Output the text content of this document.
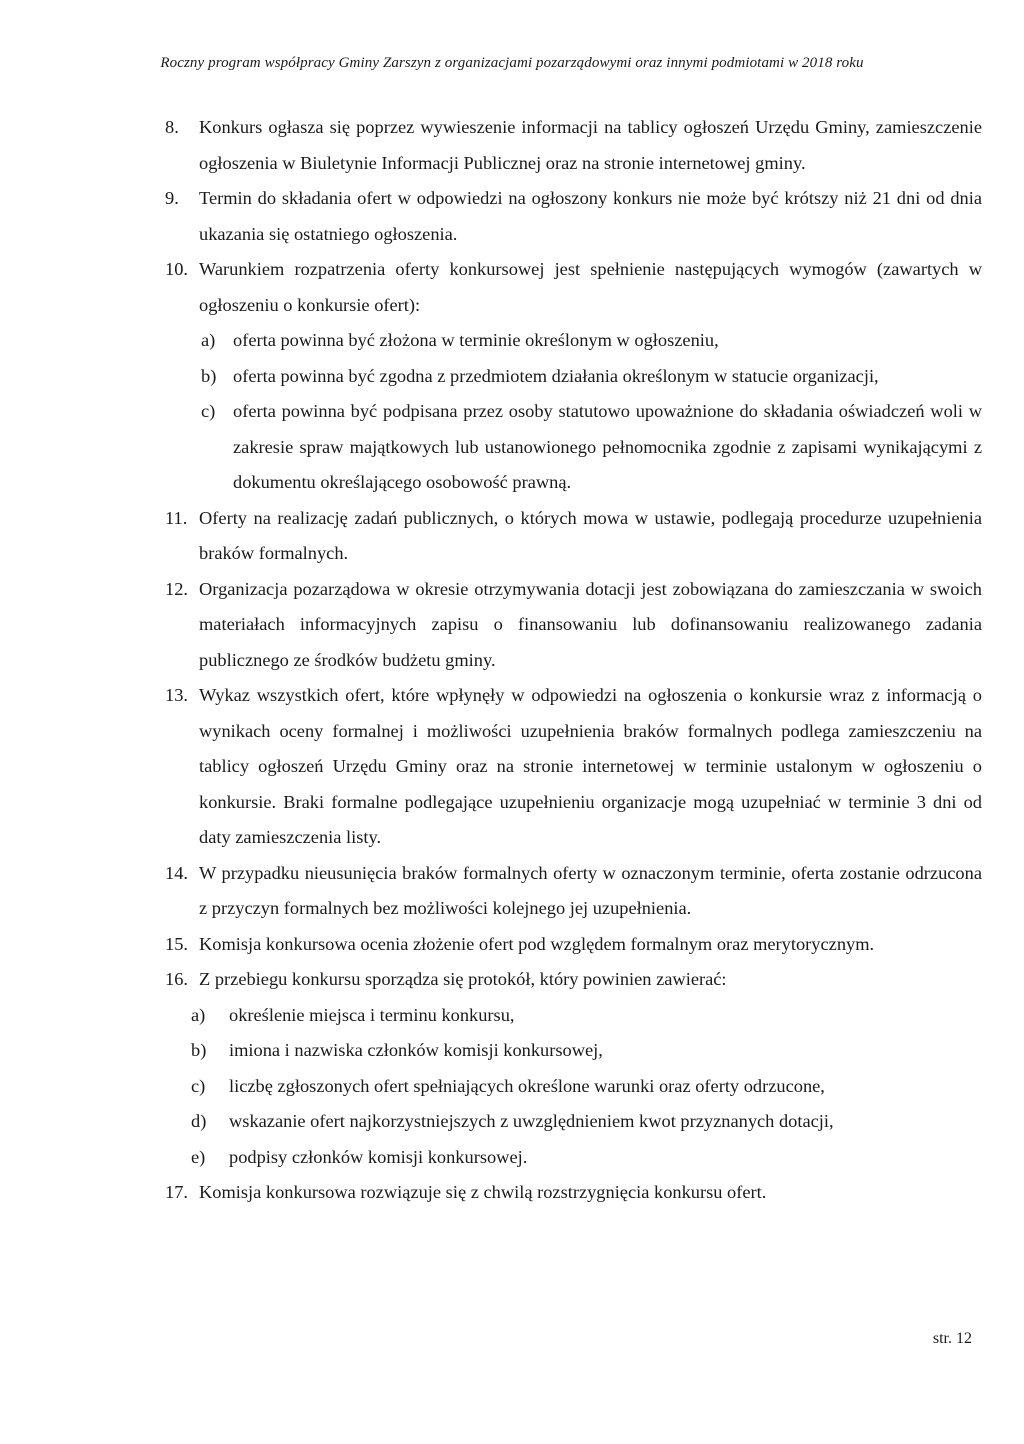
Roczny program współpracy Gminy Zarszyn z organizacjami pozarządowymi oraz innymi podmiotami w 2018 roku
8. Konkurs ogłasza się poprzez wywieszenie informacji na tablicy ogłoszeń Urzędu Gminy, zamieszczenie ogłoszenia w Biuletynie Informacji Publicznej oraz na stronie internetowej gminy.
9. Termin do składania ofert w odpowiedzi na ogłoszony konkurs nie może być krótszy niż 21 dni od dnia ukazania się ostatniego ogłoszenia.
10. Warunkiem rozpatrzenia oferty konkursowej jest spełnienie następujących wymogów (zawartych w ogłoszeniu o konkursie ofert):
a) oferta powinna być złożona w terminie określonym w ogłoszeniu,
b) oferta powinna być zgodna z przedmiotem działania określonym w statucie organizacji,
c) oferta powinna być podpisana przez osoby statutowo upoważnione do składania oświadczeń woli w zakresie spraw majątkowych lub ustanowionego pełnomocnika zgodnie z zapisami wynikającymi z dokumentu określającego osobowość prawną.
11. Oferty na realizację zadań publicznych, o których mowa w ustawie, podlegają procedurze uzupełnienia braków formalnych.
12. Organizacja pozarządowa w okresie otrzymywania dotacji jest zobowiązana do zamieszczania w swoich materiałach informacyjnych zapisu o finansowaniu lub dofinansowaniu realizowanego zadania publicznego ze środków budżetu gminy.
13. Wykaz wszystkich ofert, które wpłynęły w odpowiedzi na ogłoszenia o konkursie wraz z informacją o wynikach oceny formalnej i możliwości uzupełnienia braków formalnych podlega zamieszczeniu na tablicy ogłoszeń Urzędu Gminy oraz na stronie internetowej w terminie ustalonym w ogłoszeniu o konkursie. Braki formalne podlegające uzupełnieniu organizacje mogą uzupełniać w terminie 3 dni od daty zamieszczenia listy.
14. W przypadku nieusunięcia braków formalnych oferty w oznaczonym terminie, oferta zostanie odrzucona z przyczyn formalnych bez możliwości kolejnego jej uzupełnienia.
15. Komisja konkursowa ocenia złożenie ofert pod względem formalnym oraz merytorycznym.
16. Z przebiegu konkursu sporządza się protokół, który powinien zawierać:
a) określenie miejsca i terminu konkursu,
b) imiona i nazwiska członków komisji konkursowej,
c) liczbę zgłoszonych ofert spełniających określone warunki oraz oferty odrzucone,
d) wskazanie ofert najkorzystniejszych z uwzględnieniem kwot przyznanych dotacji,
e) podpisy członków komisji konkursowej.
17. Komisja konkursowa rozwiązuje się z chwilą rozstrzygnięcia konkursu ofert.
str. 12
